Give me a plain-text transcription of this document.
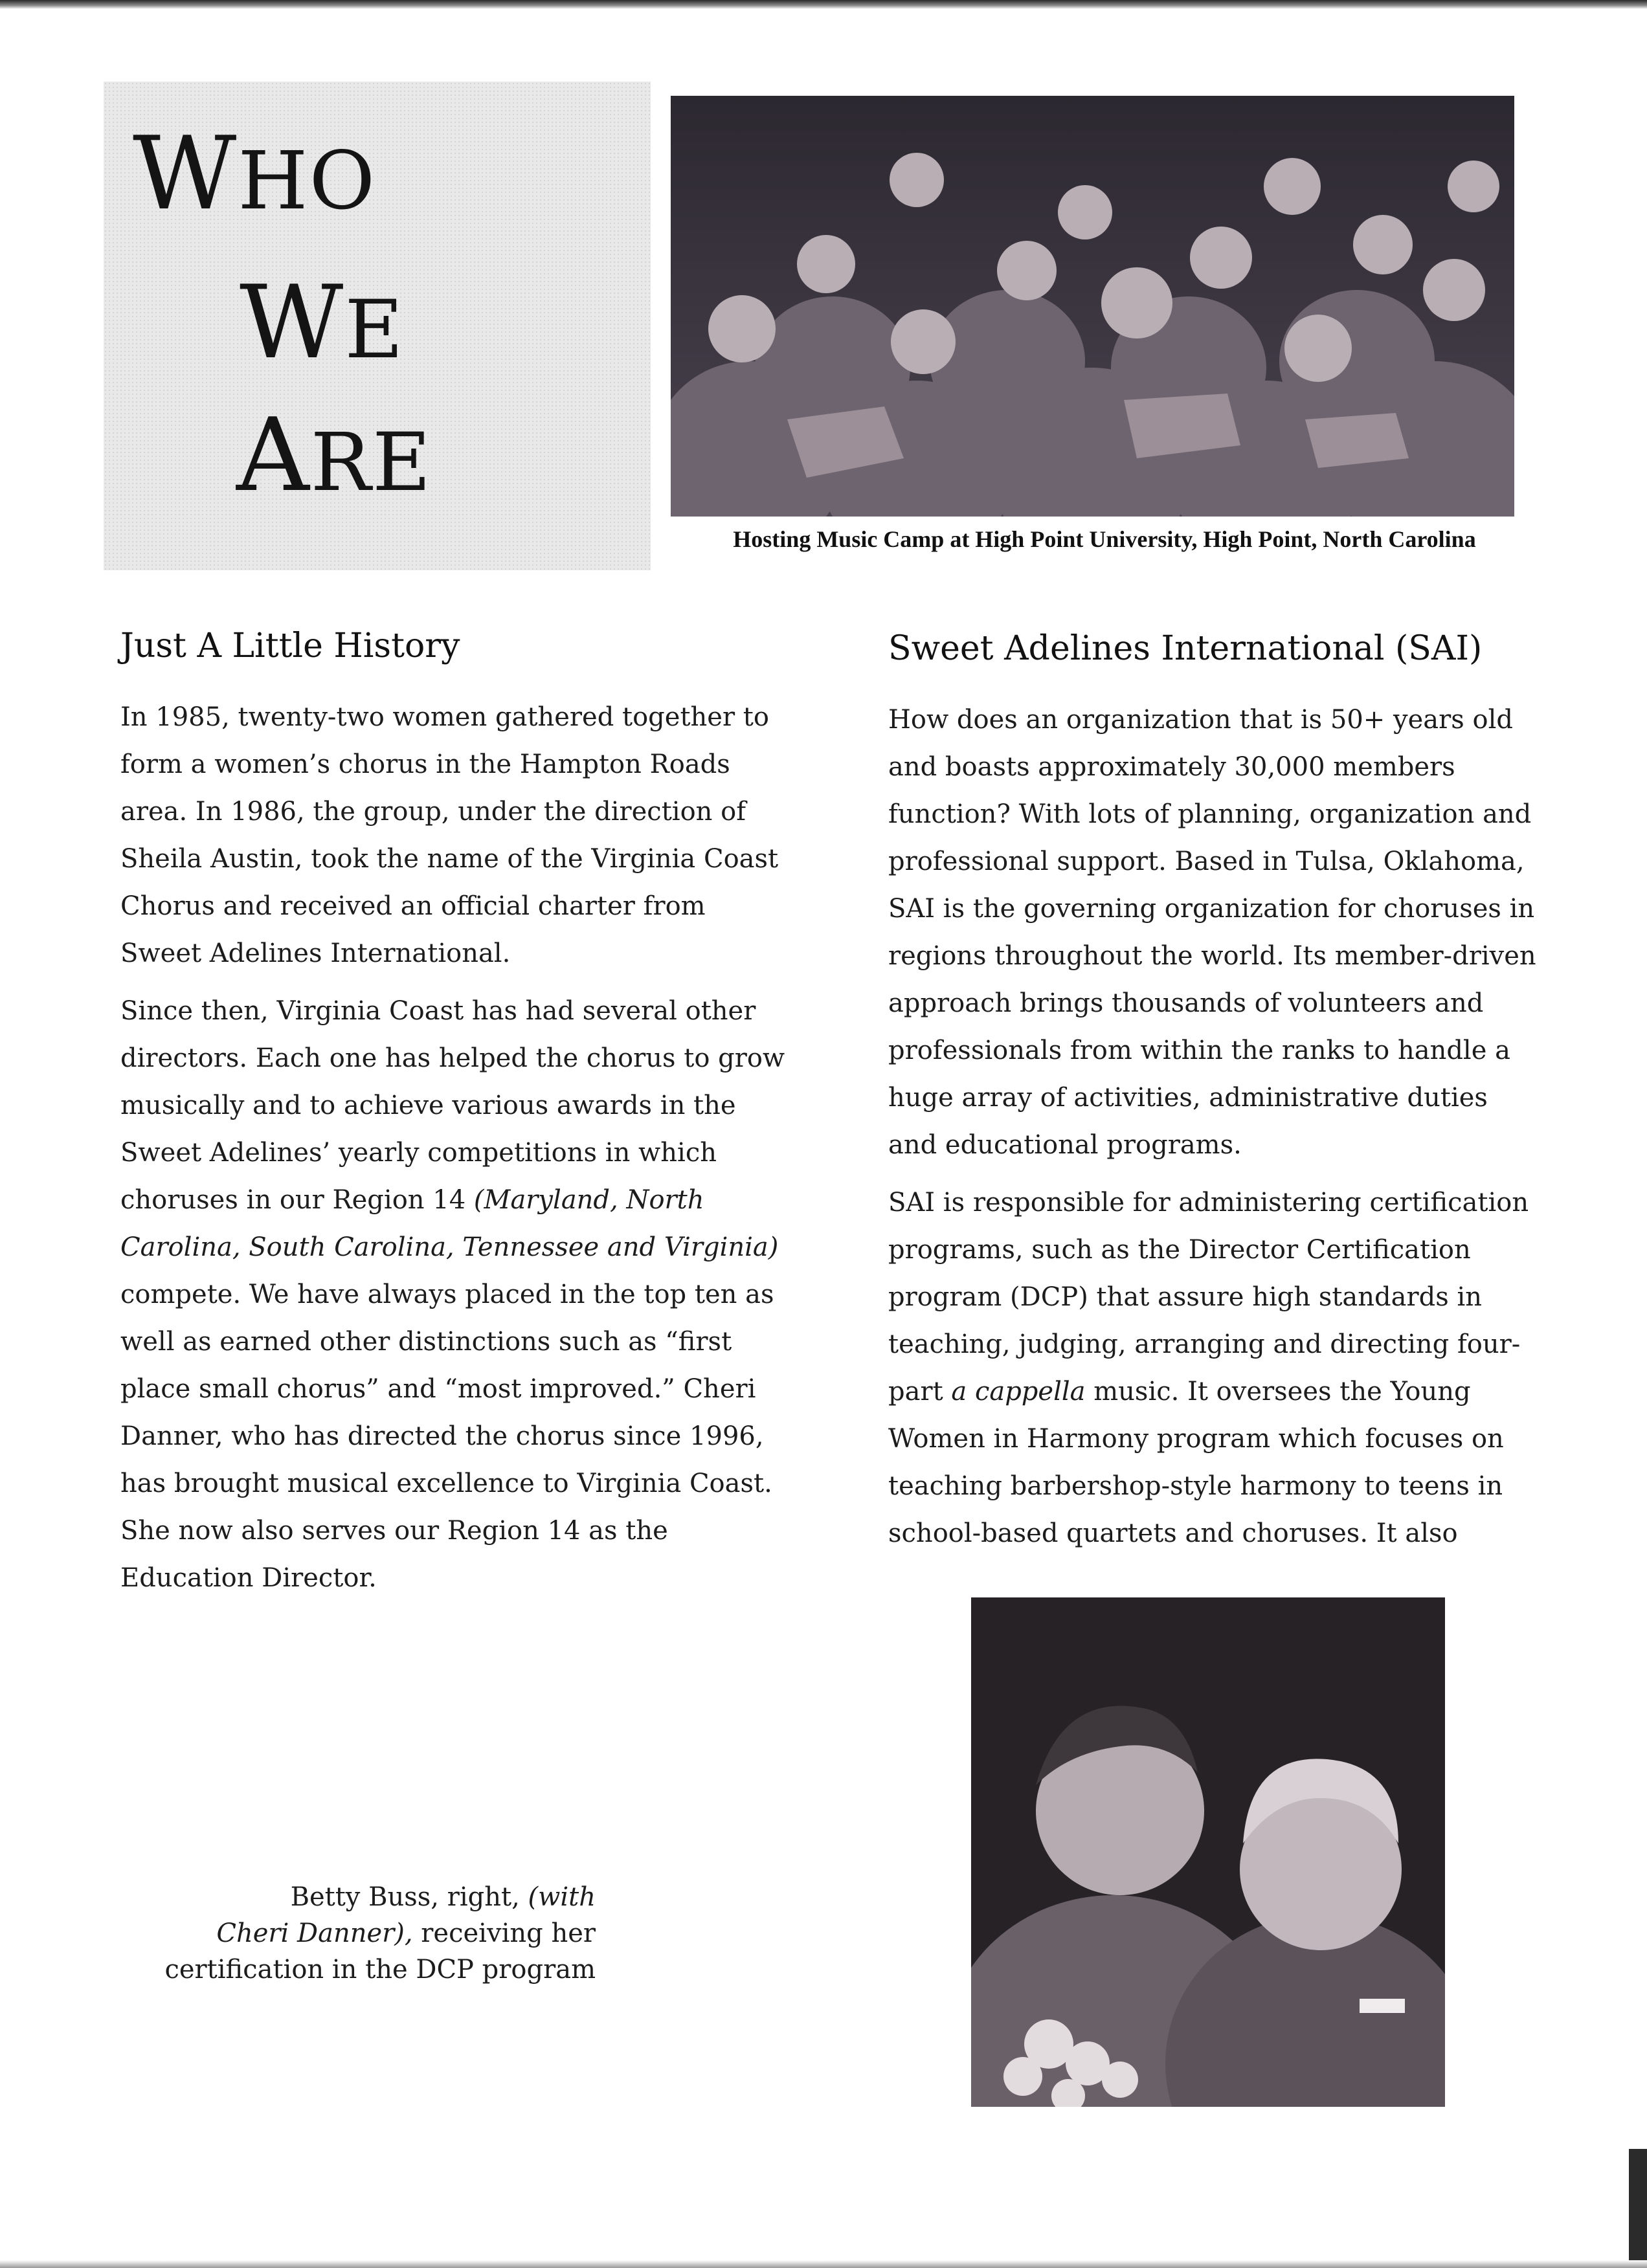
WHO
WE
ARE
Hosting Music Camp at High Point University, High Point, North Carolina
Just A Little History

In 1985, twenty-two women gathered together to form a women’s chorus in the Hampton Roads area. In 1986, the group, under the direction of Sheila Austin, took the name of the Virginia Coast Chorus and received an official charter from Sweet Adelines International.

Since then, Virginia Coast has had several other directors. Each one has helped the chorus to grow musically and to achieve various awards in the Sweet Adelines’ yearly competitions in which choruses in our Region 14 (Maryland, North Carolina, South Carolina, Tennessee and Virginia) compete. We have always placed in the top ten as well as earned other distinctions such as “first place small chorus” and “most improved.” Cheri Danner, who has directed the chorus since 1996, has brought musical excellence to Virginia Coast. She now also serves our Region 14 as the Education Director.

Sweet Adelines International (SAI)

How does an organization that is 50+ years old and boasts approximately 30,000 members function? With lots of planning, organization and professional support. Based in Tulsa, Oklahoma, SAI is the governing organization for choruses in regions throughout the world. Its member-driven approach brings thousands of volunteers and professionals from within the ranks to handle a huge array of activities, administrative duties and educational programs.

SAI is responsible for administering certification programs, such as the Director Certification program (DCP) that assure high standards in teaching, judging, arranging and directing four-part a cappella music. It oversees the Young Women in Harmony program which focuses on teaching barbershop-style harmony to teens in school-based quartets and choruses. It also

Betty Buss, right, (with
Cheri Danner), receiving her
certification in the DCP program
